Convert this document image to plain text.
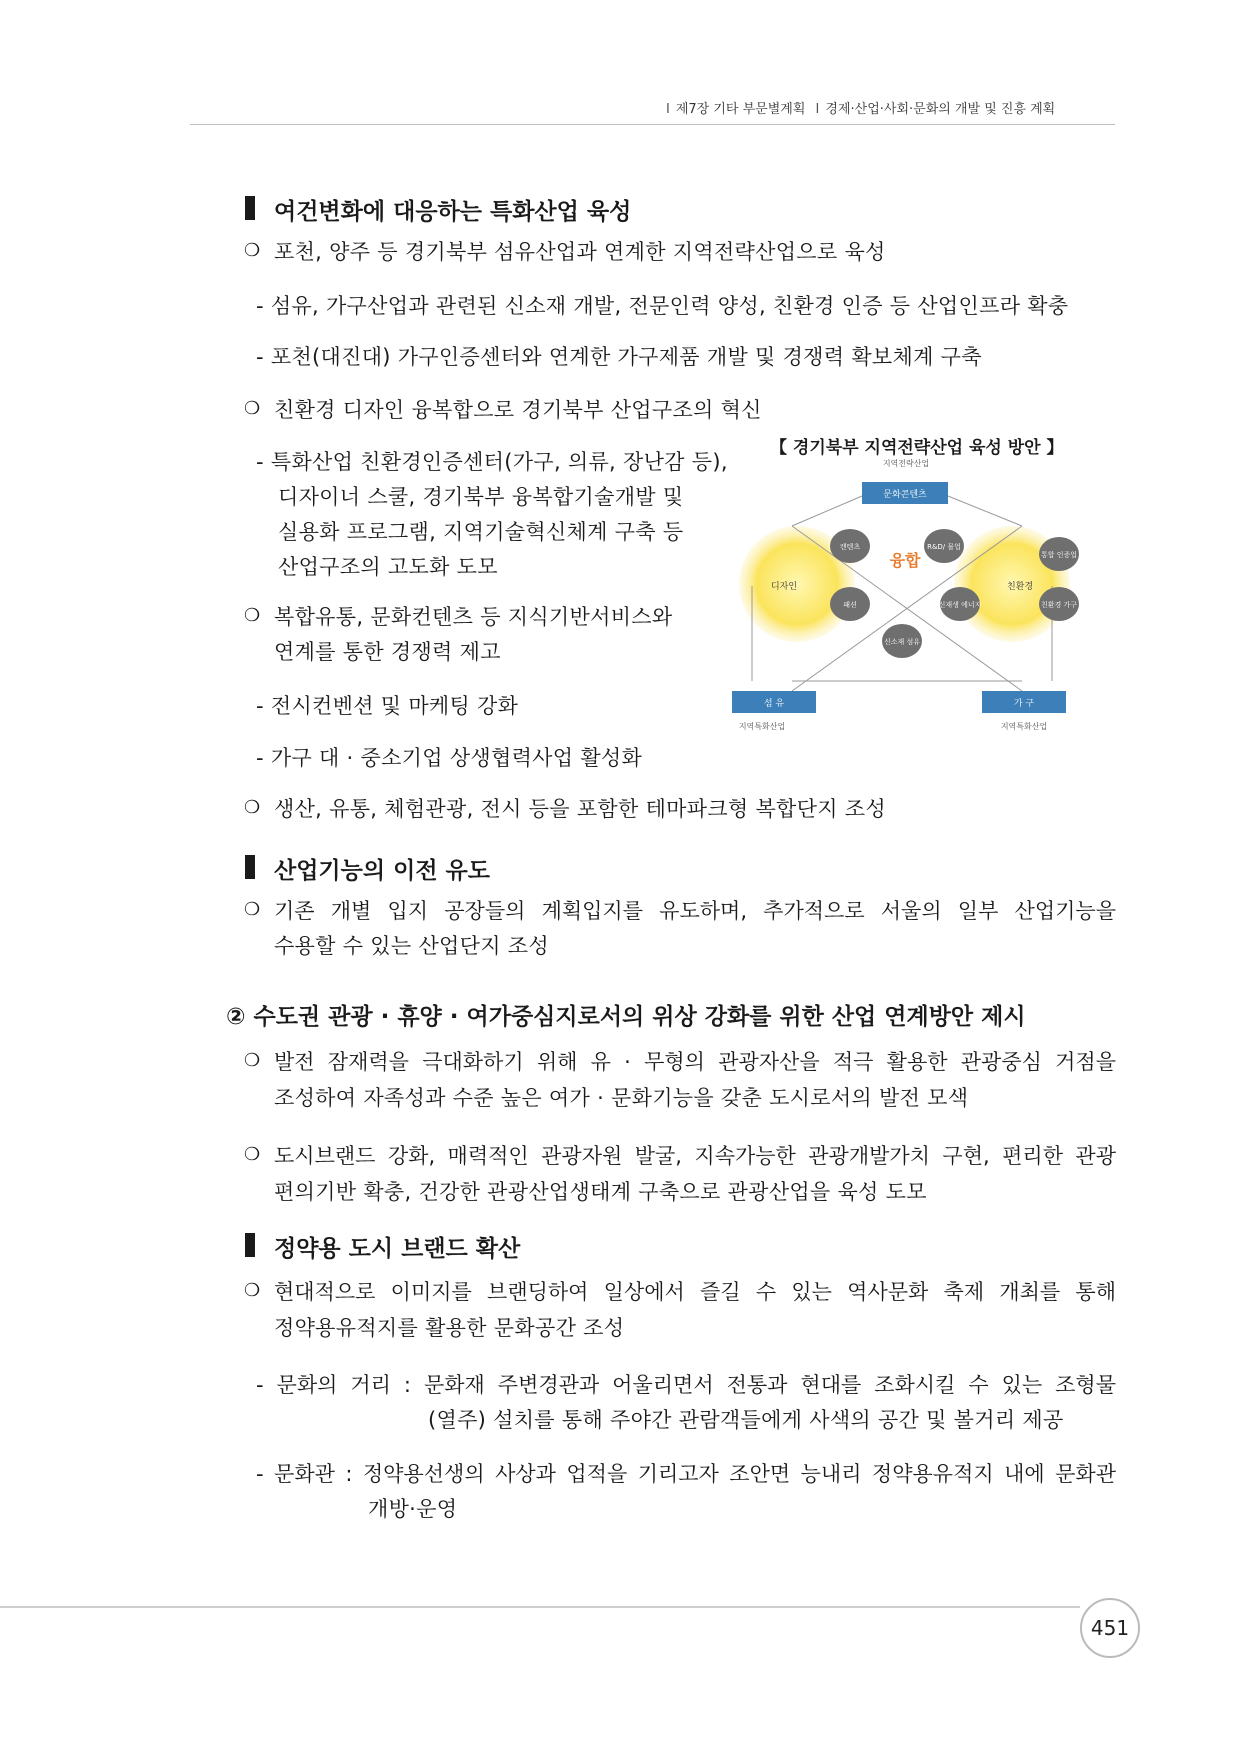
Ⅰ 제7장 기타 부문별계획 Ⅰ 경제·산업·사회·문화의 개발 및 진흥 계획
여건변화에 대응하는 특화산업 육성
❍ 포천, 양주 등 경기북부 섬유산업과 연계한 지역전략산업으로 육성
- 섬유, 가구산업과 관련된 신소재 개발, 전문인력 양성, 친환경 인증 등 산업인프라 확충
- 포천(대진대) 가구인증센터와 연계한 가구제품 개발 및 경쟁력 확보체계 구축
❍ 친환경 디자인 융복합으로 경기북부 산업구조의 혁신
- 특화산업 친환경인증센터(가구, 의류, 장난감 등),
디자이너 스쿨, 경기북부 융복합기술개발 및
실용화 프로그램, 지역기술혁신체계 구축 등
산업구조의 고도화 도모
❍ 복합유통, 문화컨텐츠 등 지식기반서비스와
연계를 통한 경쟁력 제고
- 전시컨벤션 및 마케팅 강화
- 가구 대 · 중소기업 상생협력사업 활성화
❍ 생산, 유통, 체험관광, 전시 등을 포함한 테마파크형 복합단지 조성
【 경기북부 지역전략산업 육성 방안 】
지역전략산업
문화콘텐츠
디자인	친환경
융합
캔텐츠	R&D/ 물업
패션	신재생 에너지
신소재 섬유
통합 인증업
친환경 가구
섬 유	가 구
지역특화산업	지역특화산업
산업기능의 이전 유도
❍ 기존 개별 입지 공장들의 계획입지를 유도하며, 추가적으로 서울의 일부 산업기능을
수용할 수 있는 산업단지 조성
② 수도권 관광 · 휴양 · 여가중심지로서의 위상 강화를 위한 산업 연계방안 제시
❍ 발전 잠재력을 극대화하기 위해 유 · 무형의 관광자산을 적극 활용한 관광중심 거점을
조성하여 자족성과 수준 높은 여가 · 문화기능을 갖춘 도시로서의 발전 모색
❍ 도시브랜드 강화, 매력적인 관광자원 발굴, 지속가능한 관광개발가치 구현, 편리한 관광
편의기반 확충, 건강한 관광산업생태계 구축으로 관광산업을 육성 도모
정약용 도시 브랜드 확산
❍ 현대적으로 이미지를 브랜딩하여 일상에서 즐길 수 있는 역사문화 축제 개최를 통해
정약용유적지를 활용한 문화공간 조성
- 문화의 거리 : 문화재 주변경관과 어울리면서 전통과 현대를 조화시킬 수 있는 조형물
(열주) 설치를 통해 주야간 관람객들에게 사색의 공간 및 볼거리 제공
- 문화관 : 정약용선생의 사상과 업적을 기리고자 조안면 능내리 정약용유적지 내에 문화관
개방·운영
451
